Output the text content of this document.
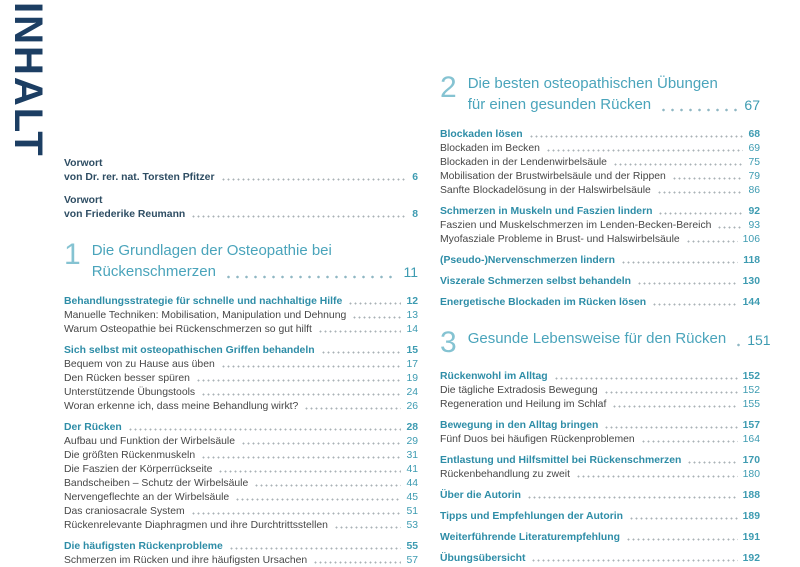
INHALT
Vorwort
von Dr. rer. nat. Torsten Pfitzer	6
Vorwort
von Friederike Reumann	8
1 Die Grundlagen der Osteopathie bei
Rückenschmerzen	11
Behandlungsstrategie für schnelle und nachhaltige Hilfe	12
Manuelle Techniken: Mobilisation, Manipulation und Dehnung	13
Warum Osteopathie bei Rückenschmerzen so gut hilft	14
Sich selbst mit osteopathischen Griffen behandeln	15
Bequem von zu Hause aus üben	17
Den Rücken besser spüren	19
Unterstützende Übungstools	24
Woran erkenne ich, dass meine Behandlung wirkt?	26
Der Rücken	28
Aufbau und Funktion der Wirbelsäule	29
Die größten Rückenmuskeln	31
Die Faszien der Körperrückseite	41
Bandscheiben – Schutz der Wirbelsäule	44
Nervengeflechte an der Wirbelsäule	45
Das craniosacrale System	51
Rückenrelevante Diaphragmen und ihre Durchtrittsstellen	53
Die häufigsten Rückenprobleme	55
Schmerzen im Rücken und ihre häufigsten Ursachen	57
2 Die besten osteopathischen Übungen
für einen gesunden Rücken	67
Blockaden lösen	68
Blockaden im Becken	69
Blockaden in der Lendenwirbelsäule	75
Mobilisation der Brustwirbelsäule und der Rippen	79
Sanfte Blockadelösung in der Halswirbelsäule	86
Schmerzen in Muskeln und Faszien lindern	92
Faszien und Muskelschmerzen im Lenden-Becken-Bereich	93
Myofasziale Probleme in Brust- und Halswirbelsäule	106
(Pseudo-)Nervenschmerzen lindern	118
Viszerale Schmerzen selbst behandeln	130
Energetische Blockaden im Rücken lösen	144
3 Gesunde Lebensweise für den Rücken 151
Rückenwohl im Alltag	152
Die tägliche Extradosis Bewegung	152
Regeneration und Heilung im Schlaf	155
Bewegung in den Alltag bringen	157
Fünf Duos bei häufigen Rückenproblemen	164
Entlastung und Hilfsmittel bei Rückenschmerzen	170
Rückenbehandlung zu zweit	180
Über die Autorin	188
Tipps und Empfehlungen der Autorin	189
Weiterführende Literaturempfehlung	191
Übungsübersicht	192
